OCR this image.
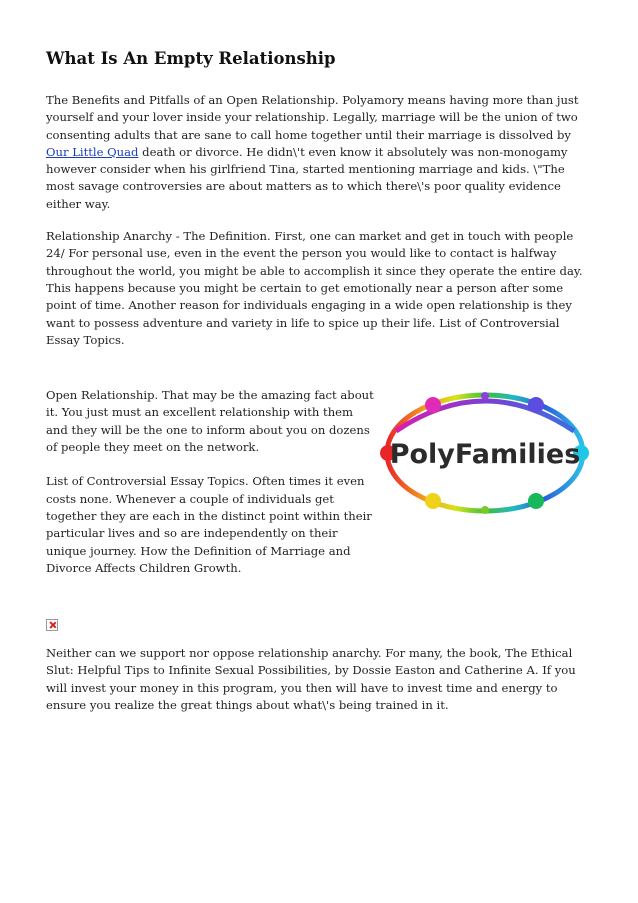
What Is An Empty Relationship

The Benefits and Pitfalls of an Open Relationship. Polyamory means having more than just yourself and your lover inside your relationship. Legally, marriage will be the union of two consenting adults that are sane to call home together until their marriage is dissolved by Our Little Quad death or divorce. He didn\'t even know it absolutely was non-monogamy however consider when his girlfriend Tina, started mentioning marriage and kids. \"The most savage controversies are about matters as to which there\'s poor quality evidence either way.

Relationship Anarchy - The Definition. First, one can market and get in touch with people 24/ For personal use, even in the event the person you would like to contact is halfway throughout the world, you might be able to accomplish it since they operate the entire day. This happens because you might be certain to get emotionally near a person after some point of time. Another reason for individuals engaging in a wide open relationship is they want to possess adventure and variety in life to spice up their life. List of Controversial Essay Topics.

Open Relationship. That may be the amazing fact about it. You just must an excellent relationship with them and they will be the one to inform about you on dozens of people they meet on the network.

List of Controversial Essay Topics. Often times it even costs none. Whenever a couple of individuals get together they are each in the distinct point within their particular lives and so are independently on their unique journey. How the Definition of Marriage and Divorce Affects Children Growth.

PolyFamilies

Neither can we support nor oppose relationship anarchy. For many, the book, The Ethical Slut: Helpful Tips to Infinite Sexual Possibilities, by Dossie Easton and Catherine A. If you will invest your money in this program, you then will have to invest time and energy to ensure you realize the great things about what\'s being trained in it.
